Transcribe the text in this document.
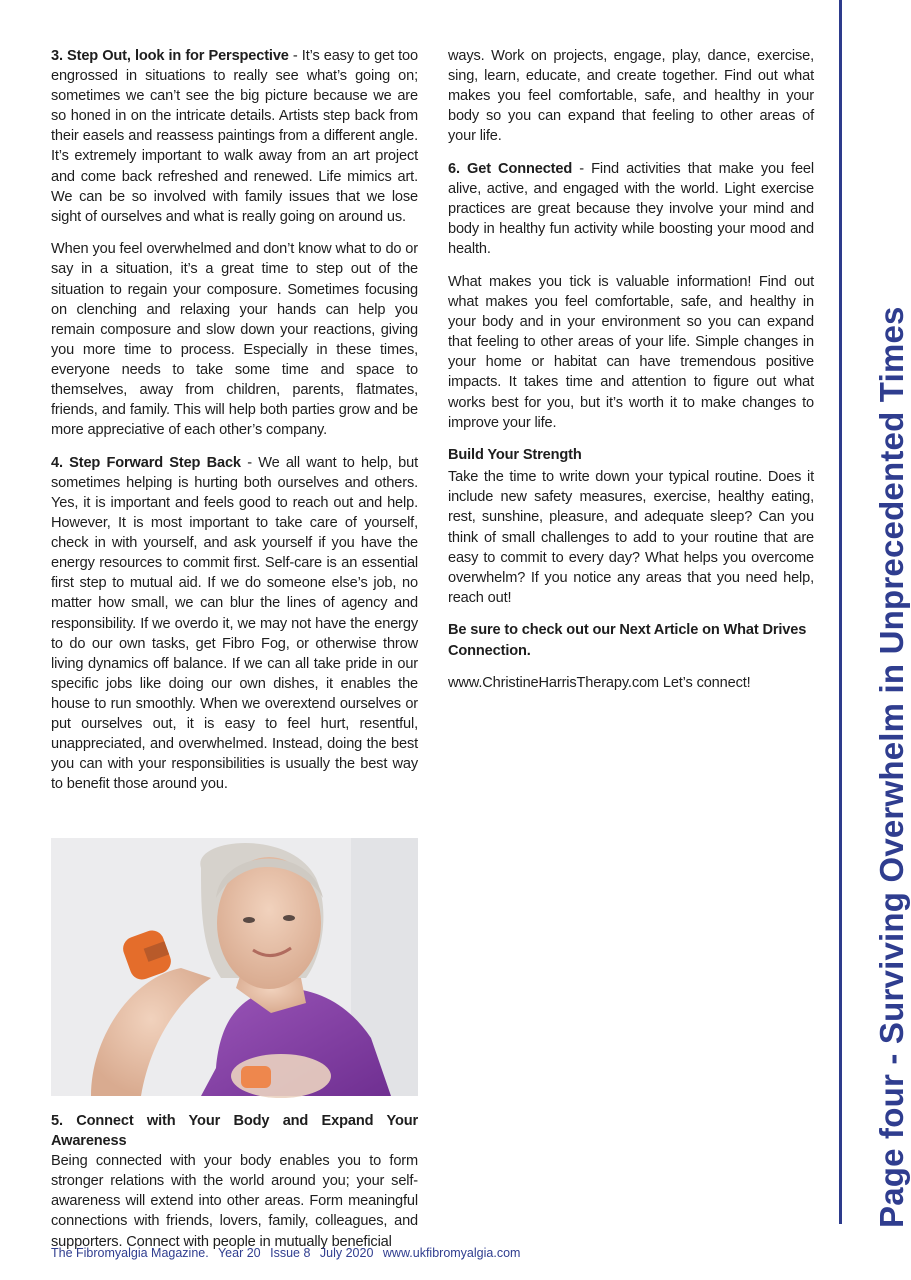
3. Step Out, look in for Perspective - It’s easy to get too engrossed in situations to really see what’s going on; sometimes we can’t see the big picture because we are so honed in on the intricate details. Artists step back from their easels and reassess paintings from a different angle. It’s extremely important to walk away from an art project and come back refreshed and renewed. Life mimics art. We can be so involved with family issues that we lose sight of ourselves and what is really going on around us.

When you feel overwhelmed and don’t know what to do or say in a situation, it’s a great time to step out of the situation to regain your composure. Sometimes focusing on clenching and relaxing your hands can help you remain composure and slow down your reactions, giving you more time to process. Especially in these times, everyone needs to take some time and space to themselves, away from children, parents, flatmates, friends, and family. This will help both parties grow and be more appreciative of each other’s company.

4. Step Forward Step Back - We all want to help, but sometimes helping is hurting both ourselves and others. Yes, it is important and feels good to reach out and help. However, It is most important to take care of yourself, check in with yourself, and ask yourself if you have the energy resources to commit first. Self-care is an essential first step to mutual aid. If we do someone else’s job, no matter how small, we can blur the lines of agency and responsibility. If we overdo it, we may not have the energy to do our own tasks, get Fibro Fog, or otherwise throw living dynamics off balance. If we can all take pride in our specific jobs like doing our own dishes, it enables the house to run smoothly. When we overextend ourselves or put ourselves out, it is easy to feel hurt, resentful, unappreciated, and overwhelmed. Instead, doing the best you can with your responsibilities is usually the best way to benefit those around you.

5. Connect with Your Body and Expand Your Awareness

Being connected with your body enables you to form stronger relations with the world around you; your self-awareness will extend into other areas. Form meaningful connections with friends, lovers, family, colleagues, and supporters. Connect with people in mutually beneficial

ways. Work on projects, engage, play, dance, exercise, sing, learn, educate, and create together. Find out what makes you feel comfortable, safe, and healthy in your body so you can expand that feeling to other areas of your life.

6. Get Connected - Find activities that make you feel alive, active, and engaged with the world. Light exercise practices are great because they involve your mind and body in healthy fun activity while boosting your mood and health.

What makes you tick is valuable information! Find out what makes you feel comfortable, safe, and healthy in your body and in your environment so you can expand that feeling to other areas of your life. Simple changes in your home or habitat can have tremendous positive impacts. It takes time and attention to figure out what works best for you, but it’s worth it to make changes to improve your life.

Build Your Strength

Take the time to write down your typical routine. Does it include new safety measures, exercise, healthy eating, rest, sunshine, pleasure, and adequate sleep? Can you think of small challenges to add to your routine that are easy to commit to every day? What helps you overcome overwhelm? If you notice any areas that you need help, reach out!

Be sure to check out our Next Article on What Drives Connection.

www.ChristineHarrisTherapy.com Let’s connect!	Page four - Surviving Overwhelm in Unprecedented Times
The Fibromyalgia Magazine. Year 20 Issue 8 July 2020 www.ukfibromyalgia.com
